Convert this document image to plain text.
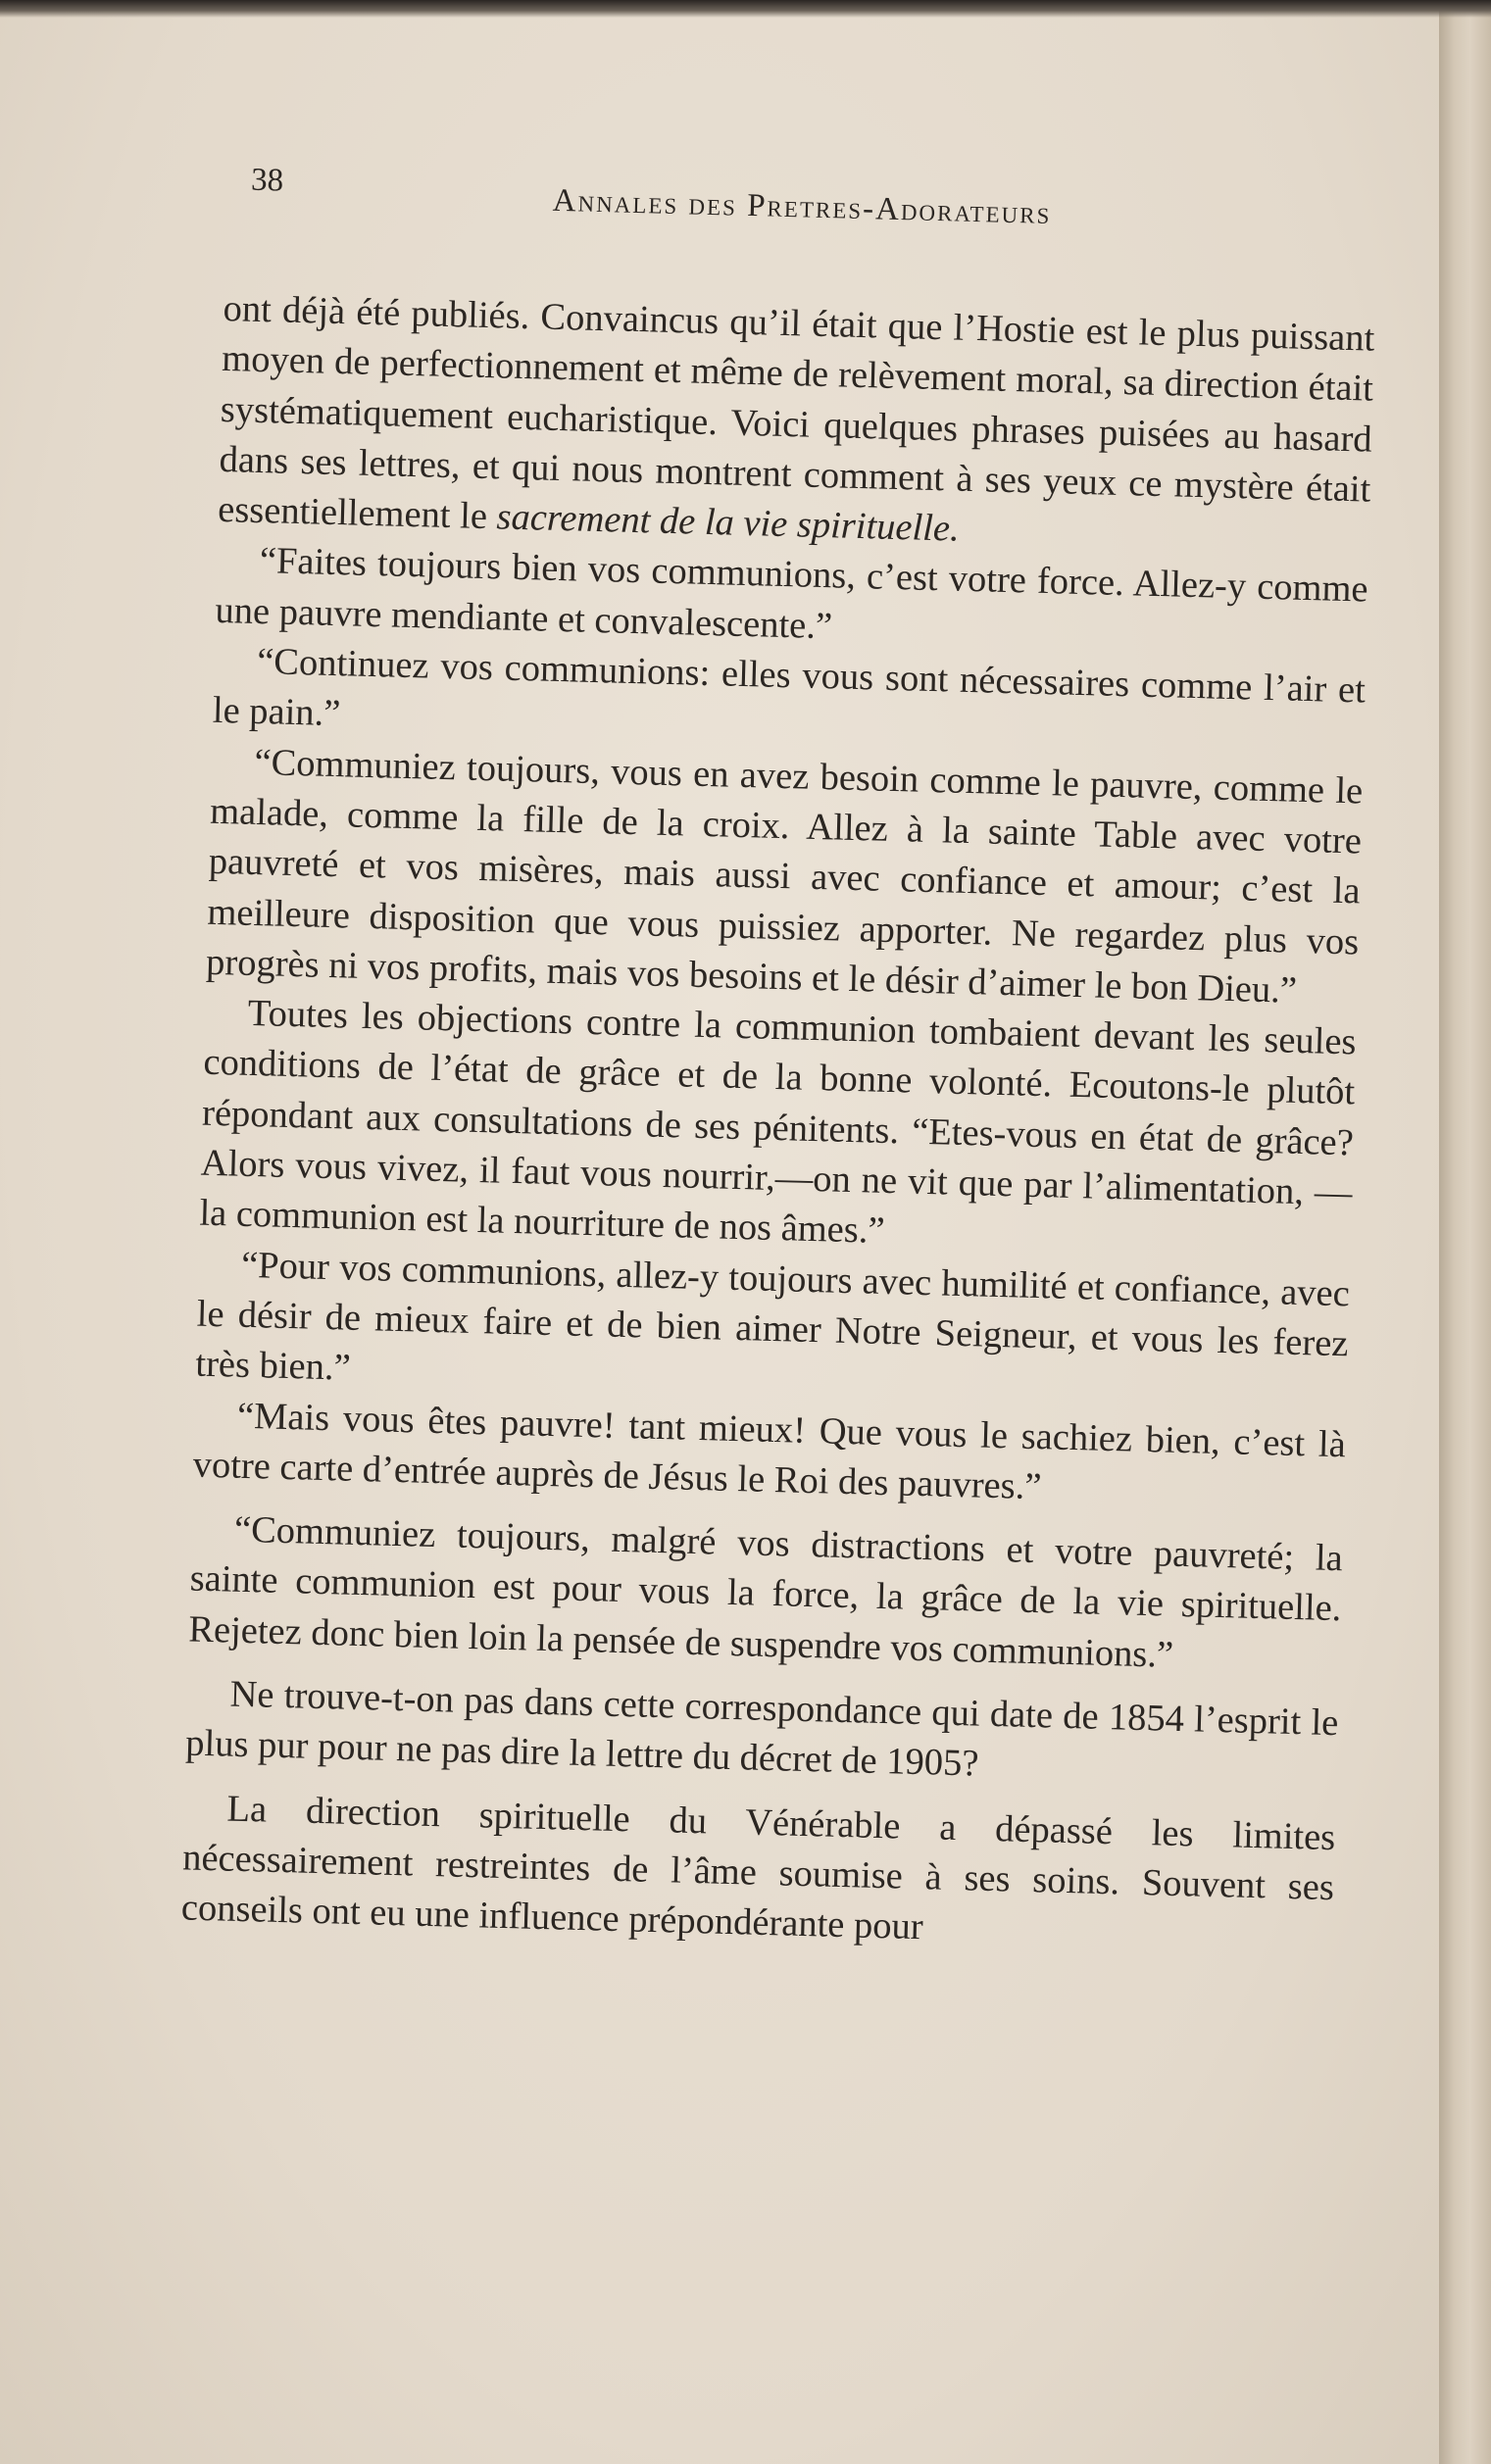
38
Annales des Pretres-Adorateurs

ont déjà été publiés. Convaincus qu’il était que l’Hostie est le plus puissant moyen de perfectionnement et même de relèvement moral, sa direction était systématiquement eucharistique. Voici quelques phrases puisées au hasard dans ses lettres, et qui nous montrent comment à ses yeux ce mystère était essentiellement le sacrement de la vie spirituelle.

“Faites toujours bien vos communions, c’est votre force. Allez-y comme une pauvre mendiante et convalescente.”

“Continuez vos communions: elles vous sont nécessaires comme l’air et le pain.”

“Communiez toujours, vous en avez besoin comme le pauvre, comme le malade, comme la fille de la croix. Allez à la sainte Table avec votre pauvreté et vos misères, mais aussi avec confiance et amour; c’est la meilleure disposition que vous puissiez apporter. Ne regardez plus vos progrès ni vos profits, mais vos besoins et le désir d’aimer le bon Dieu.”

Toutes les objections contre la communion tombaient devant les seules conditions de l’état de grâce et de la bonne volonté. Ecoutons-le plutôt répondant aux consultations de ses pénitents. “Etes-vous en état de grâce? Alors vous vivez, il faut vous nourrir,—on ne vit que par l’alimentation, —la communion est la nourriture de nos âmes.”

“Pour vos communions, allez-y toujours avec humilité et confiance, avec le désir de mieux faire et de bien aimer Notre Seigneur, et vous les ferez très bien.”

“Mais vous êtes pauvre! tant mieux! Que vous le sachiez bien, c’est là votre carte d’entrée auprès de Jésus le Roi des pauvres.”

“Communiez toujours, malgré vos distractions et votre pauvreté; la sainte communion est pour vous la force, la grâce de la vie spirituelle. Rejetez donc bien loin la pensée de suspendre vos communions.”

Ne trouve-t-on pas dans cette correspondance qui date de 1854 l’esprit le plus pur pour ne pas dire la lettre du décret de 1905?

La direction spirituelle du Vénérable a dépassé les limites nécessairement restreintes de l’âme soumise à ses soins. Souvent ses conseils ont eu une influence prépondérante pour
